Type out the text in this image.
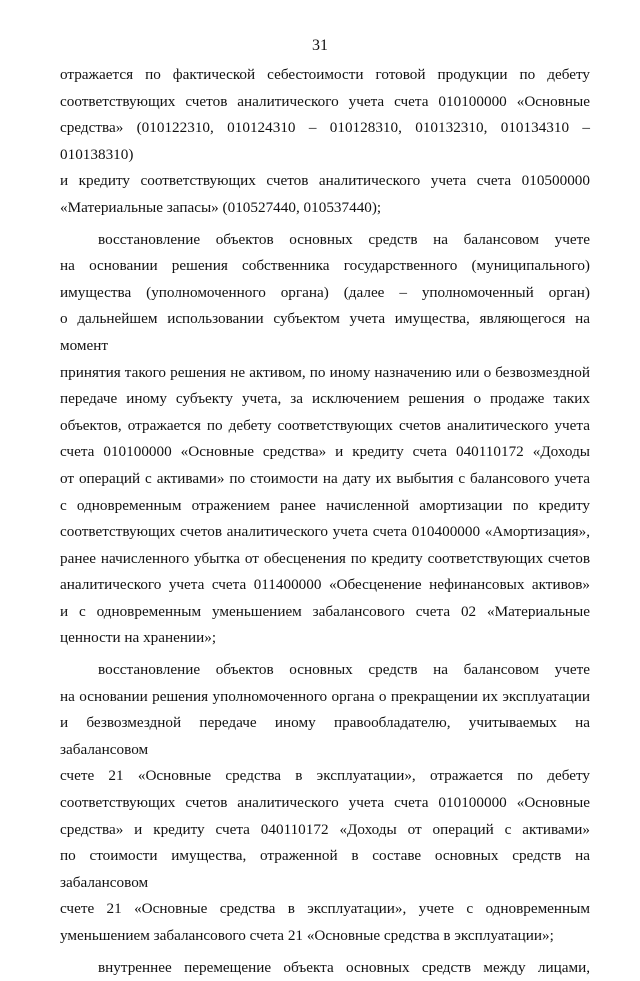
31
отражается по фактической себестоимости готовой продукции по дебету
соответствующих счетов аналитического учета счета 010100000 «Основные
средства» (010122310, 010124310 – 010128310, 010132310, 010134310 – 010138310)
и кредиту соответствующих счетов аналитического учета счета 010500000
«Материальные запасы» (010527440, 010537440);
восстановление объектов основных средств на балансовом учете
на основании решения собственника государственного (муниципального)
имущества (уполномоченного органа) (далее – уполномоченный орган)
о дальнейшем использовании субъектом учета имущества, являющегося на момент
принятия такого решения не активом, по иному назначению или о безвозмездной
передаче иному субъекту учета, за исключением решения о продаже таких
объектов, отражается по дебету соответствующих счетов аналитического учета
счета 010100000 «Основные средства» и кредиту счета 040110172 «Доходы
от операций с активами» по стоимости на дату их выбытия с балансового учета
с одновременным отражением ранее начисленной амортизации по кредиту
соответствующих счетов аналитического учета счета 010400000 «Амортизация»,
ранее начисленного убытка от обесценения по кредиту соответствующих счетов
аналитического учета счета 011400000 «Обесценение нефинансовых активов»
и с одновременным уменьшением забалансового счета 02 «Материальные
ценности на хранении»;
восстановление объектов основных средств на балансовом учете
на основании решения уполномоченного органа о прекращении их эксплуатации
и безвозмездной передаче иному правообладателю, учитываемых на забалансовом
счете 21 «Основные средства в эксплуатации», отражается по дебету
соответствующих счетов аналитического учета счета 010100000 «Основные
средства» и кредиту счета 040110172 «Доходы от операций с активами»
по стоимости имущества, отраженной в составе основных средств на забалансовом
счете 21 «Основные средства в эксплуатации», учете с одновременным
уменьшением забалансового счета 21 «Основные средства в эксплуатации»;
внутреннее перемещение объекта основных средств между лицами,
